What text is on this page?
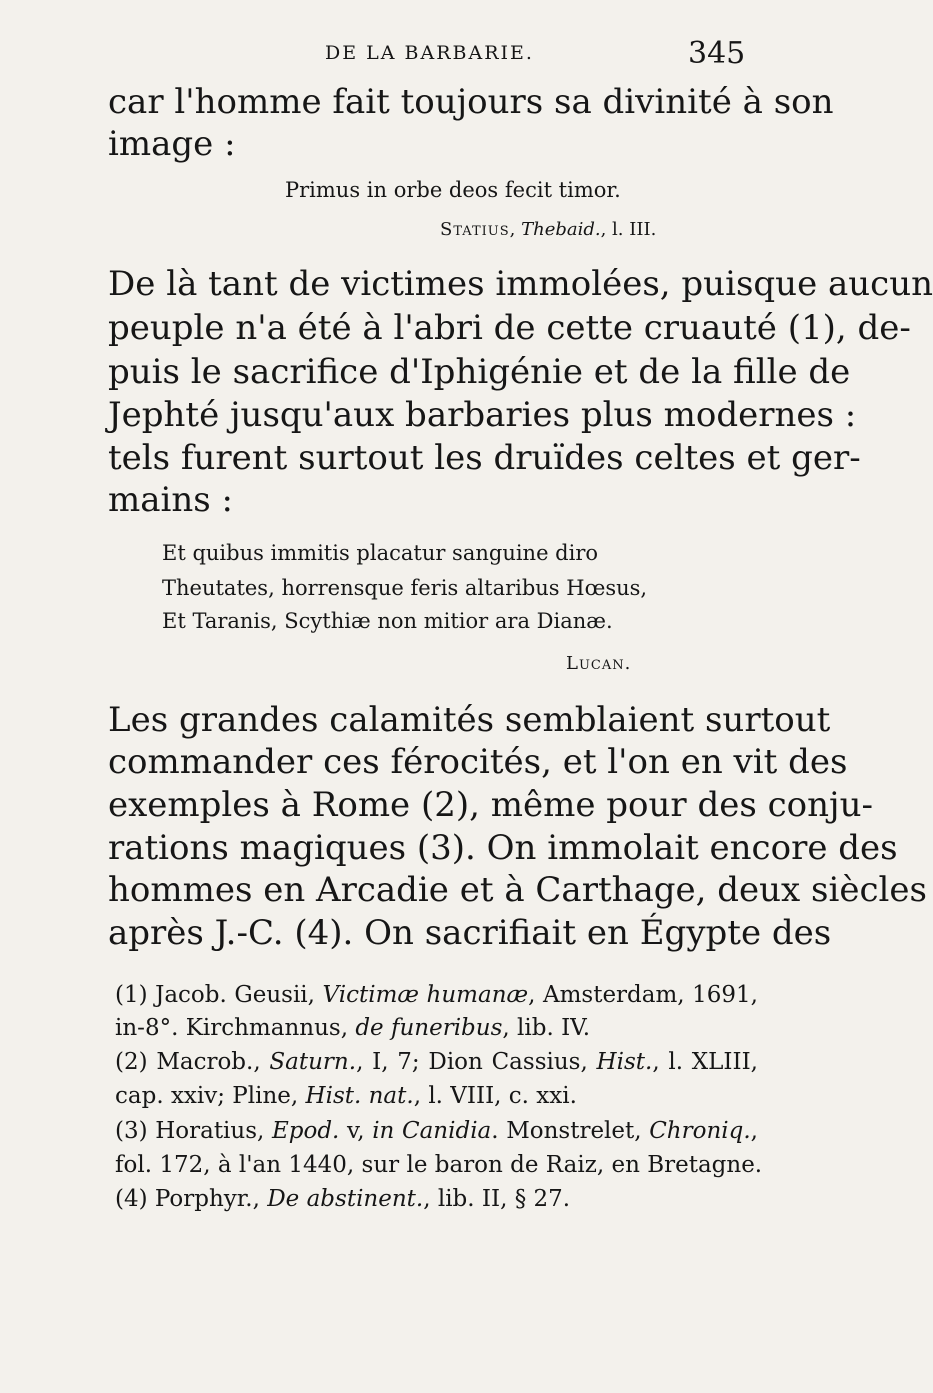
DE LA BARBARIE.	345

car l'homme fait toujours sa divinité à son

image :

Primus in orbe deos fecit timor.

Statius, Thebaid., l. III.

De là tant de victimes immolées, puisque aucun

peuple n'a été à l'abri de cette cruauté (1), de-

puis le sacrifice d'Iphigénie et de la fille de

Jephté jusqu'aux barbaries plus modernes :

tels furent surtout les druïdes celtes et ger-

mains :

Et quibus immitis placatur sanguine diro

Theutates, horrensque feris altaribus Hœsus,

Et Taranis, Scythiæ non mitior ara Dianæ.

Lucan.

Les grandes calamités semblaient surtout

commander ces férocités, et l'on en vit des

exemples à Rome (2), même pour des conju-

rations magiques (3). On immolait encore des

hommes en Arcadie et à Carthage, deux siècles

après J.-C. (4). On sacrifiait en Égypte des

(1) Jacob. Geusii, Victimæ humanæ, Amsterdam, 1691,

in-8°. Kirchmannus, de funeribus, lib. IV.

(2) Macrob., Saturn., I, 7; Dion Cassius, Hist., l. XLIII,

cap. xxiv; Pline, Hist. nat., l. VIII, c. xxi.

(3) Horatius, Epod. v, in Canidia. Monstrelet, Chroniq.,

fol. 172, à l'an 1440, sur le baron de Raiz, en Bretagne.

(4) Porphyr., De abstinent., lib. II, § 27.
